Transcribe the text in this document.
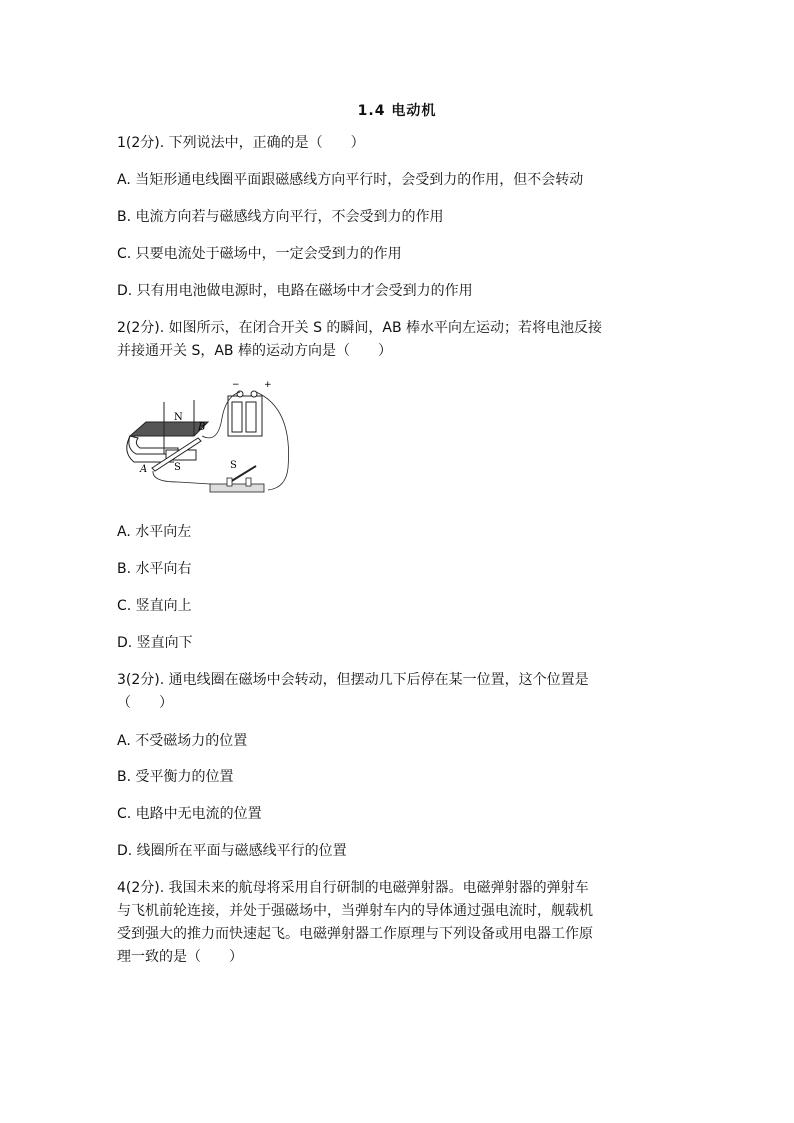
1.4 电动机
1(2分). 下列说法中，正确的是（　　）
A. 当矩形通电线圈平面跟磁感线方向平行时，会受到力的作用，但不会转动
B. 电流方向若与磁感线方向平行，不会受到力的作用
C. 只要电流处于磁场中，一定会受到力的作用
D. 只有用电池做电源时，电路在磁场中才会受到力的作用
2(2分). 如图所示，在闭合开关 S 的瞬间，AB 棒水平向左运动；若将电池反接
并接通开关 S，AB 棒的运动方向是（　　）
N
S
A
B
−	+
S
A. 水平向左
B. 水平向右
C. 竖直向上
D. 竖直向下
3(2分). 通电线圈在磁场中会转动，但摆动几下后停在某一位置，这个位置是
（　　）
A. 不受磁场力的位置
B. 受平衡力的位置
C. 电路中无电流的位置
D. 线圈所在平面与磁感线平行的位置
4(2分). 我国未来的航母将采用自行研制的电磁弹射器。电磁弹射器的弹射车
与飞机前轮连接，并处于强磁场中，当弹射车内的导体通过强电流时，舰载机
受到强大的推力而快速起飞。电磁弹射器工作原理与下列设备或用电器工作原
理一致的是（　　）
